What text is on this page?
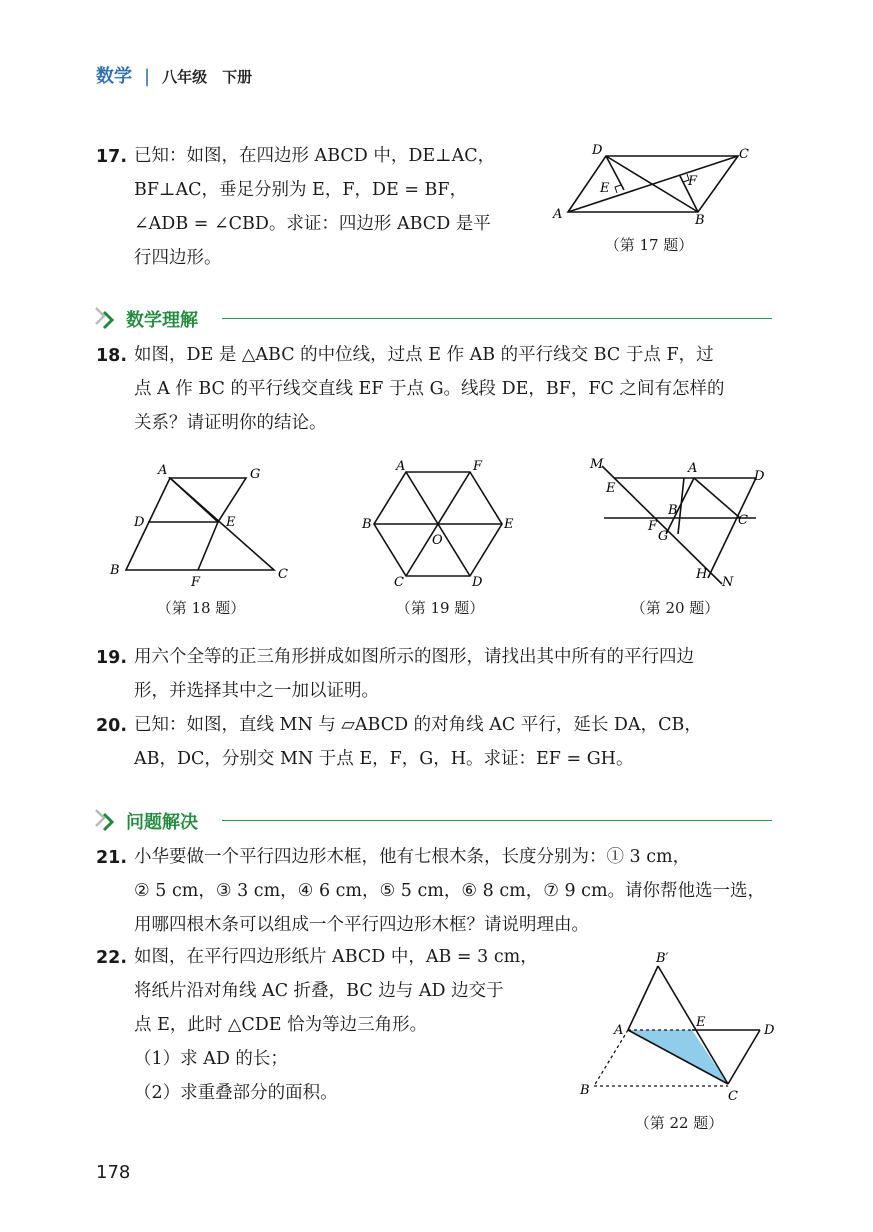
数学 | 八年级　下册
17. 已知：如图，在四边形 ABCD 中，DE⊥AC，
BF⊥AC，垂足分别为 E，F，DE = BF，
∠ADB = ∠CBD。求证：四边形 ABCD 是平
行四边形。
D	C
A	B
E	F
（第 17 题）
数学理解
18. 如图，DE 是 △ABC 的中位线，过点 E 作 AB 的平行线交 BC 于点 F，过
点 A 作 BC 的平行线交直线 EF 于点 G。线段 DE，BF，FC 之间有怎样的
关系？请证明你的结论。
A	G
D	E
B
F
C
（第 18 题）
A	F
B	E
O
C	D
（第 19 题）
M
E
A
D
B
C
F
G
H
N
（第 20 题）
19. 用六个全等的正三角形拼成如图所示的图形，请找出其中所有的平行四边
形，并选择其中之一加以证明。
20. 已知：如图，直线 MN 与 ▱ABCD 的对角线 AC 平行，延长 DA，CB，
AB，DC，分别交 MN 于点 E，F，G，H。求证：EF = GH。
问题解决
21. 小华要做一个平行四边形木框，他有七根木条，长度分别为：① 3 cm，
② 5 cm，③ 3 cm，④ 6 cm，⑤ 5 cm，⑥ 8 cm，⑦ 9 cm。请你帮他选一选，
用哪四根木条可以组成一个平行四边形木框？请说明理由。
22. 如图，在平行四边形纸片 ABCD 中，AB = 3 cm，
将纸片沿对角线 AC 折叠，BC 边与 AD 边交于
点 E，此时 △CDE 恰为等边三角形。
（1）求 AD 的长；
（2）求重叠部分的面积。
B′
A
E
D
B	C
（第 22 题）
178
